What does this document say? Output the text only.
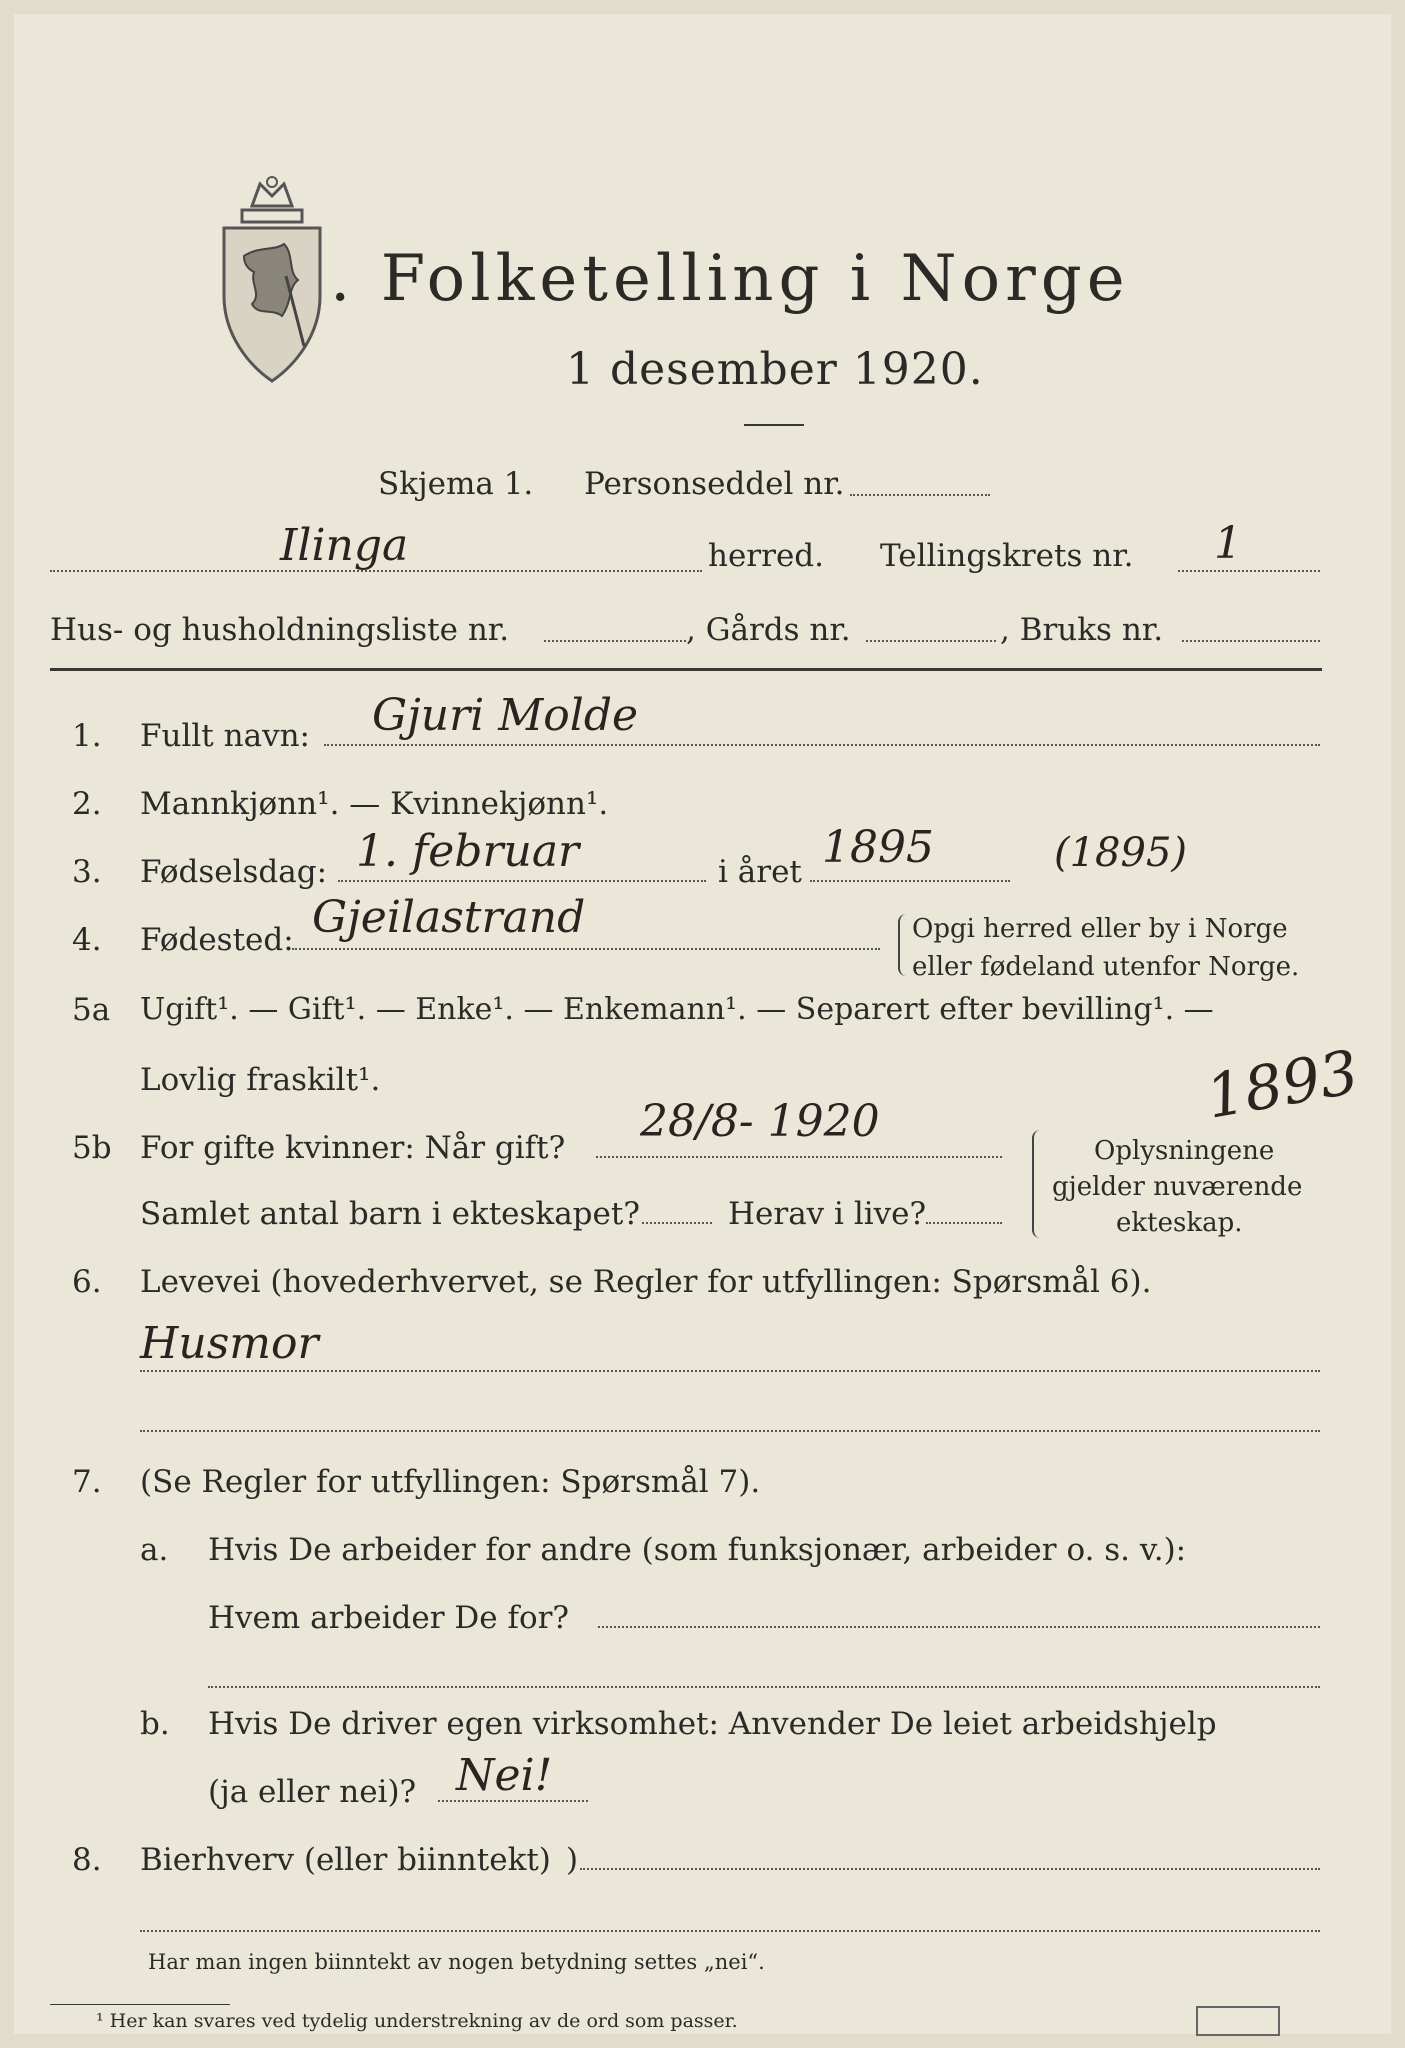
. Folketelling i Norge
1 desember 1920.
Skjema 1. Personseddel nr.
Ilinga	herred. Tellingskrets nr. 1
Hus- og husholdningsliste nr.	, Gårds nr.	, Bruks nr.
1. Fullt navn: Gjuri Molde
2. Mannkjønn¹. — Kvinnekjønn¹.
3. Fødselsdag: 1. februar	i året 1895	(1895)
4. Fødested: Gjeilastrand	Opgi herred eller by i Norge
eller fødeland utenfor Norge.
5a Ugift¹. — Gift¹. — Enke¹. — Enkemann¹. — Separert efter bevilling¹. —
Lovlig fraskilt¹.	1893
5b For gifte kvinner: Når gift?
28/8- 1920
Samlet antal barn i ekteskapet?	Herav i live?
Oplysningene
gjelder nuværende
ekteskap.
6. Levevei (hovederhvervet, se Regler for utfyllingen: Spørsmål 6).
Husmor
7. (Se Regler for utfyllingen: Spørsmål 7).
a. Hvis De arbeider for andre (som funksjonær, arbeider o. s. v.):
Hvem arbeider De for?
b. Hvis De driver egen virksomhet: Anvender De leiet arbeidshjelp
(ja eller nei)? Nei!
8. Bierhverv (eller biinntekt) )
Har man ingen biinntekt av nogen betydning settes „nei“.
¹ Her kan svares ved tydelig understrekning av de ord som passer.
